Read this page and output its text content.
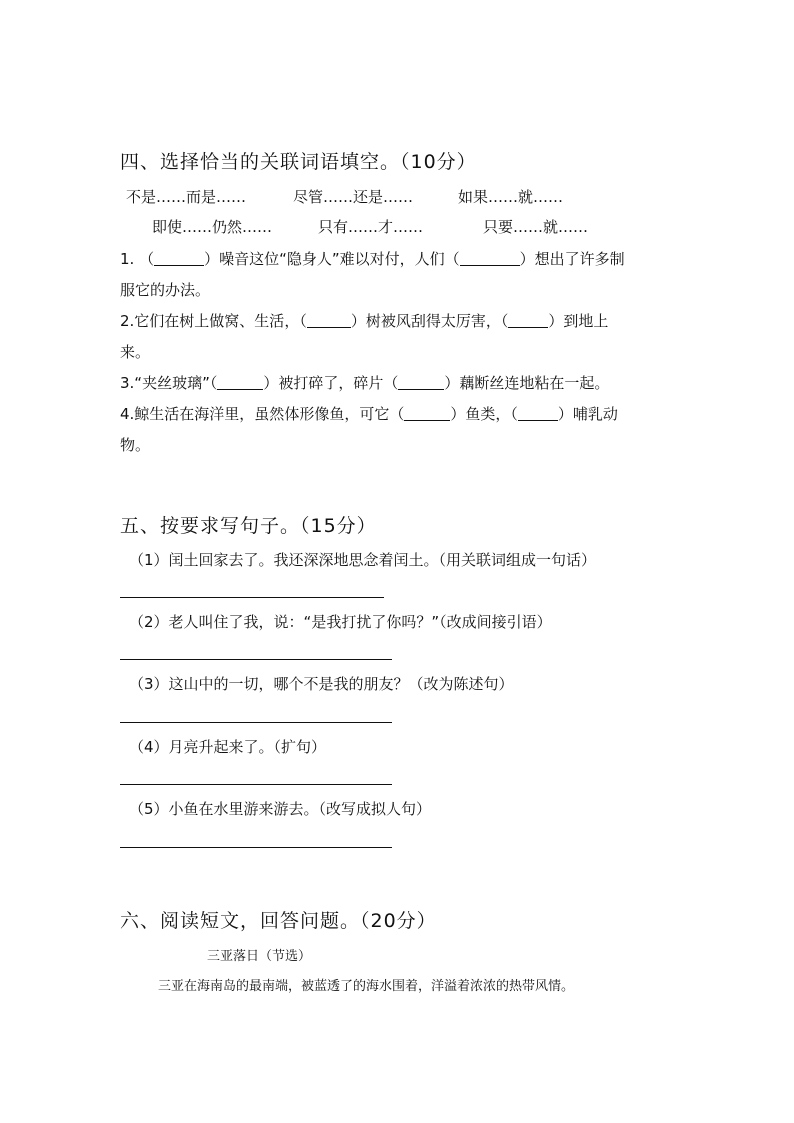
四、选择恰当的关联词语填空。（10分）
不是……而是……	尽管……还是……	如果……就……
即使……仍然……	只有……才……	只要……就……
1. （	）噪音这位“隐身人”难以对付，人们（	）想出了许多制
服它的办法。
2.它们在树上做窝、生活，（	）树被风刮得太厉害，（	）到地上
来。
3.“夹丝玻璃”（	）被打碎了，碎片（	）藕断丝连地粘在一起。
4.鲸生活在海洋里，虽然体形像鱼，可它（	）鱼类，（	）哺乳动
物。
五、按要求写句子。（15分）
（1）闰土回家去了。我还深深地思念着闰土。（用关联词组成一句话）
（2）老人叫住了我，说：“是我打扰了你吗？”（改成间接引语）
（3）这山中的一切，哪个不是我的朋友？（改为陈述句）
（4）月亮升起来了。（扩句）
（5）小鱼在水里游来游去。（改写成拟人句）
六、阅读短文，回答问题。（20分）
三亚落日（节选）
三亚在海南岛的最南端，被蓝透了的海水围着，洋溢着浓浓的热带风情。
